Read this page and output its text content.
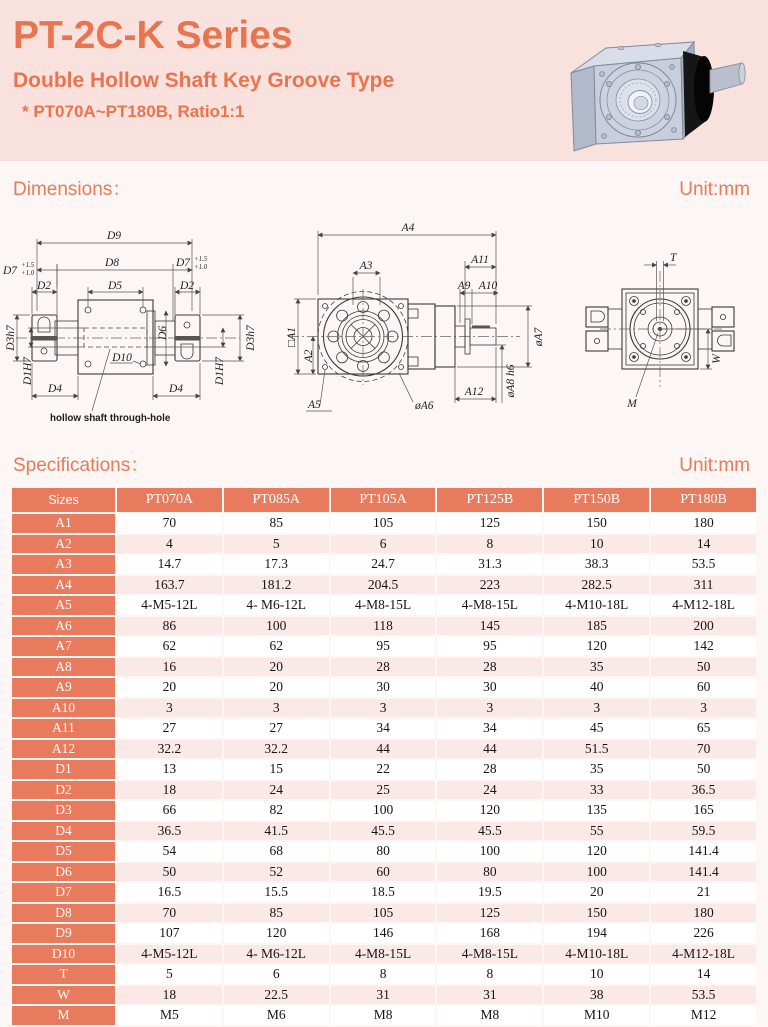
PT-2C-K Series
Double Hollow Shaft Key Groove Type
* PT070A~PT180B, Ratio1:1
Dimensions：	Unit:mm
D9
D7 +1.5
+1.0
D8	D7 +1.5
+1.0
D2	D2
D5
D3h7
D1H7
D6	D3h7
D1H7
D4	D4
D10
hollow shaft through-hole
A4
A3	A11
A9 A10
□A1
A2
A5	øA6
A12 øA8 h6
øA7
T
M
W
Specifications：	Unit:mm
Sizes	PT070A	PT085A	PT105A	PT125B	PT150B	PT180B
A1	70	85	105	125	150	180
A2	4	5	6	8	10	14
A3	14.7	17.3	24.7	31.3	38.3	53.5
A4	163.7	181.2	204.5	223	282.5	311
A5	4-M5-12L	4- M6-12L	4-M8-15L	4-M8-15L	4-M10-18L	4-M12-18L
A6	86	100	118	145	185	200
A7	62	62	95	95	120	142
A8	16	20	28	28	35	50
A9	20	20	30	30	40	60
A10	3	3	3	3	3	3
A11	27	27	34	34	45	65
A12	32.2	32.2	44	44	51.5	70
D1	13	15	22	28	35	50
D2	18	24	25	24	33	36.5
D3	66	82	100	120	135	165
D4	36.5	41.5	45.5	45.5	55	59.5
D5	54	68	80	100	120	141.4
D6	50	52	60	80	100	141.4
D7	16.5	15.5	18.5	19.5	20	21
D8	70	85	105	125	150	180
D9	107	120	146	168	194	226
D10	4-M5-12L	4- M6-12L	4-M8-15L	4-M8-15L	4-M10-18L	4-M12-18L
T	5	6	8	8	10	14
W	18	22.5	31	31	38	53.5
M	M5	M6	M8	M8	M10	M12
